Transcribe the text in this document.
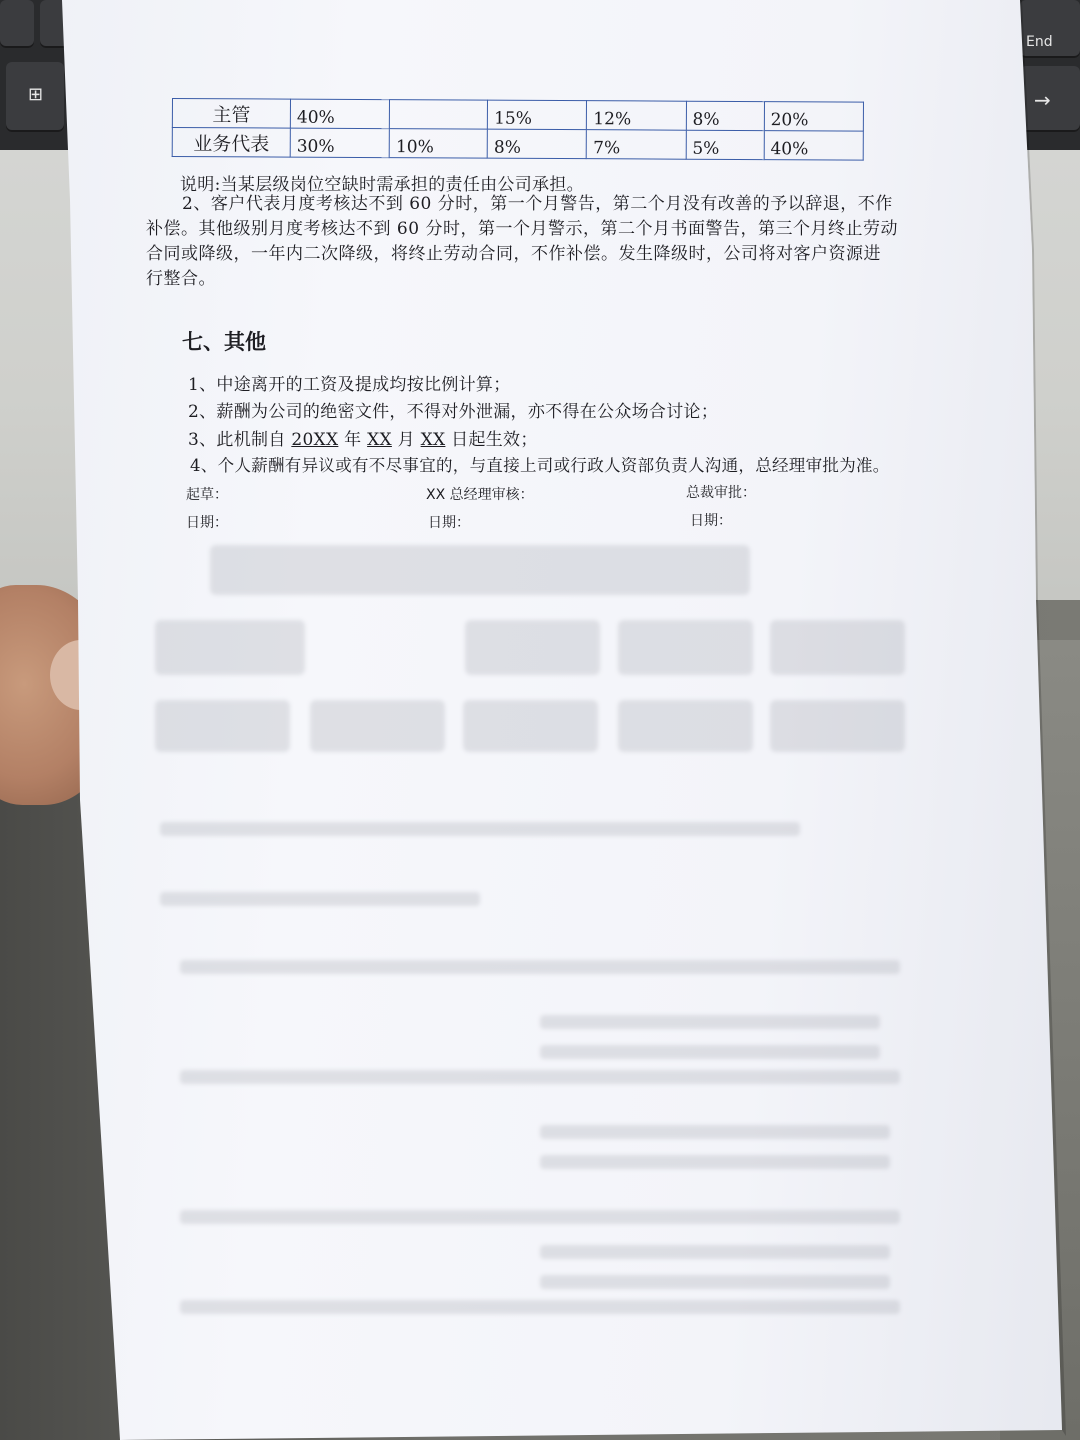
⊞
End
→
主管	40%		15%	12%	8%	20%
业务代表	30%	10%	8%	7%	5%	40%
说明:当某层级岗位空缺时需承担的责任由公司承担。
2、客户代表月度考核达不到 60 分时，第一个月警告，第二个月没有改善的予以辞退，不作
补偿。其他级别月度考核达不到 60 分时，第一个月警示，第二个月书面警告，第三个月终止劳动
合同或降级，一年内二次降级，将终止劳动合同，不作补偿。发生降级时，公司将对客户资源进
行整合。
七、其他
1、中途离开的工资及提成均按比例计算；
2、薪酬为公司的绝密文件，不得对外泄漏，亦不得在公众场合讨论；
3、此机制自 20XX 年 XX 月 XX 日起生效；
4、个人薪酬有异议或有不尽事宜的，与直接上司或行政人资部负责人沟通，总经理审批为准。
起草：	XX 总经理审核：	总裁审批：
日期：	日期：	日期：
